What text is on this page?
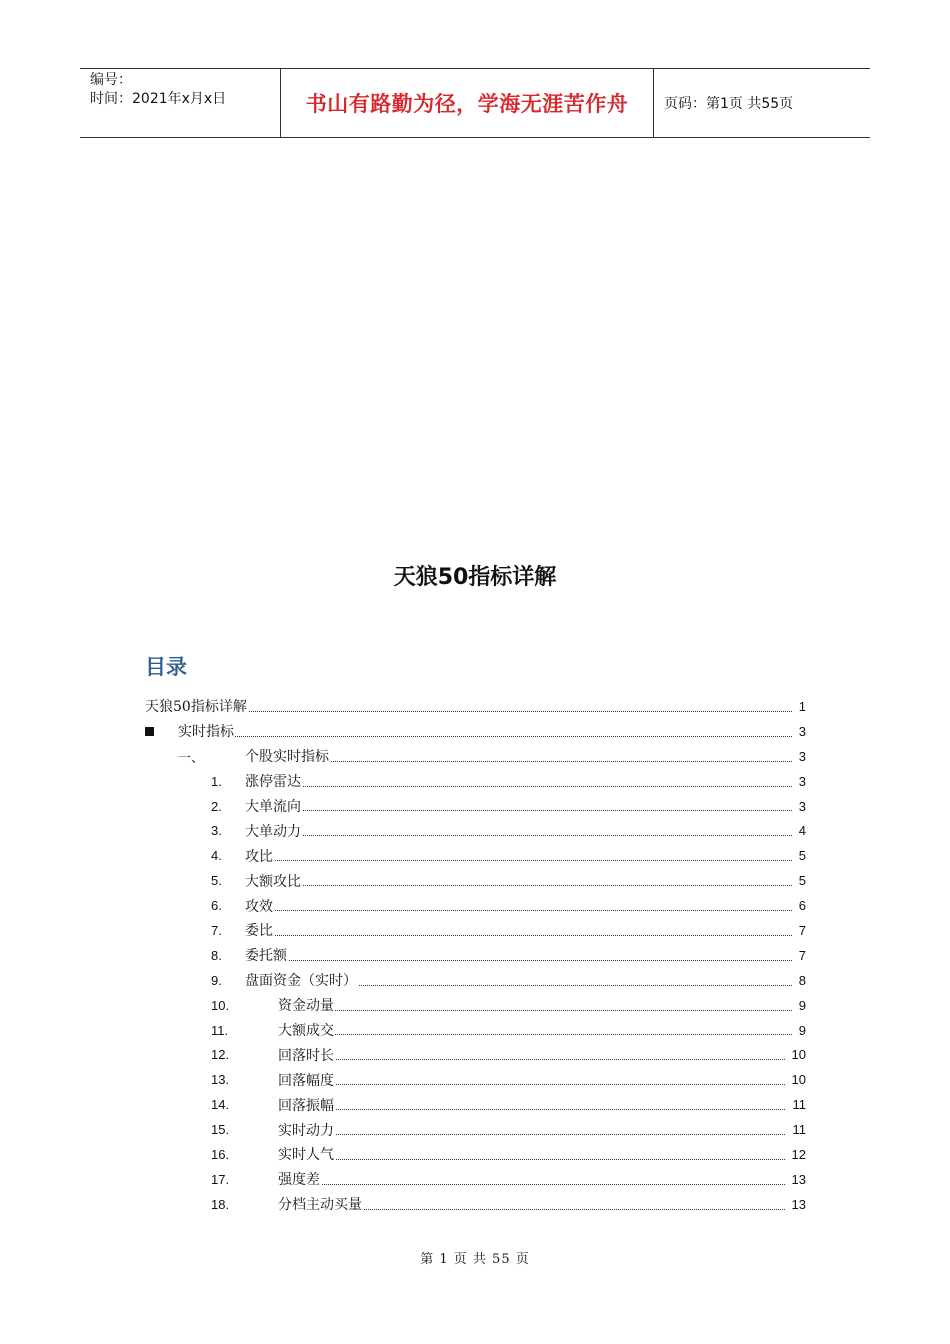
编号：
时间：2021年x月x日	书山有路勤为径，学海无涯苦作舟	页码：第1页 共55页
天狼50指标详解
目录
天狼50指标详解	1
实时指标	3
一、	个股实时指标	3
1. 涨停雷达	3
2. 大单流向	3
3. 大单动力	4
4. 攻比	5
5. 大额攻比	5
6. 攻效	6
7. 委比	7
8. 委托额	7
9. 盘面资金（实时）	8
10.	资金动量	9
11.	大额成交	9
12.	回落时长	10
13.	回落幅度	10
14.	回落振幅	11
15.	实时动力	11
16.	实时人气	12
17.	强度差	13
18.	分档主动买量	13
第 1 页 共 55 页
